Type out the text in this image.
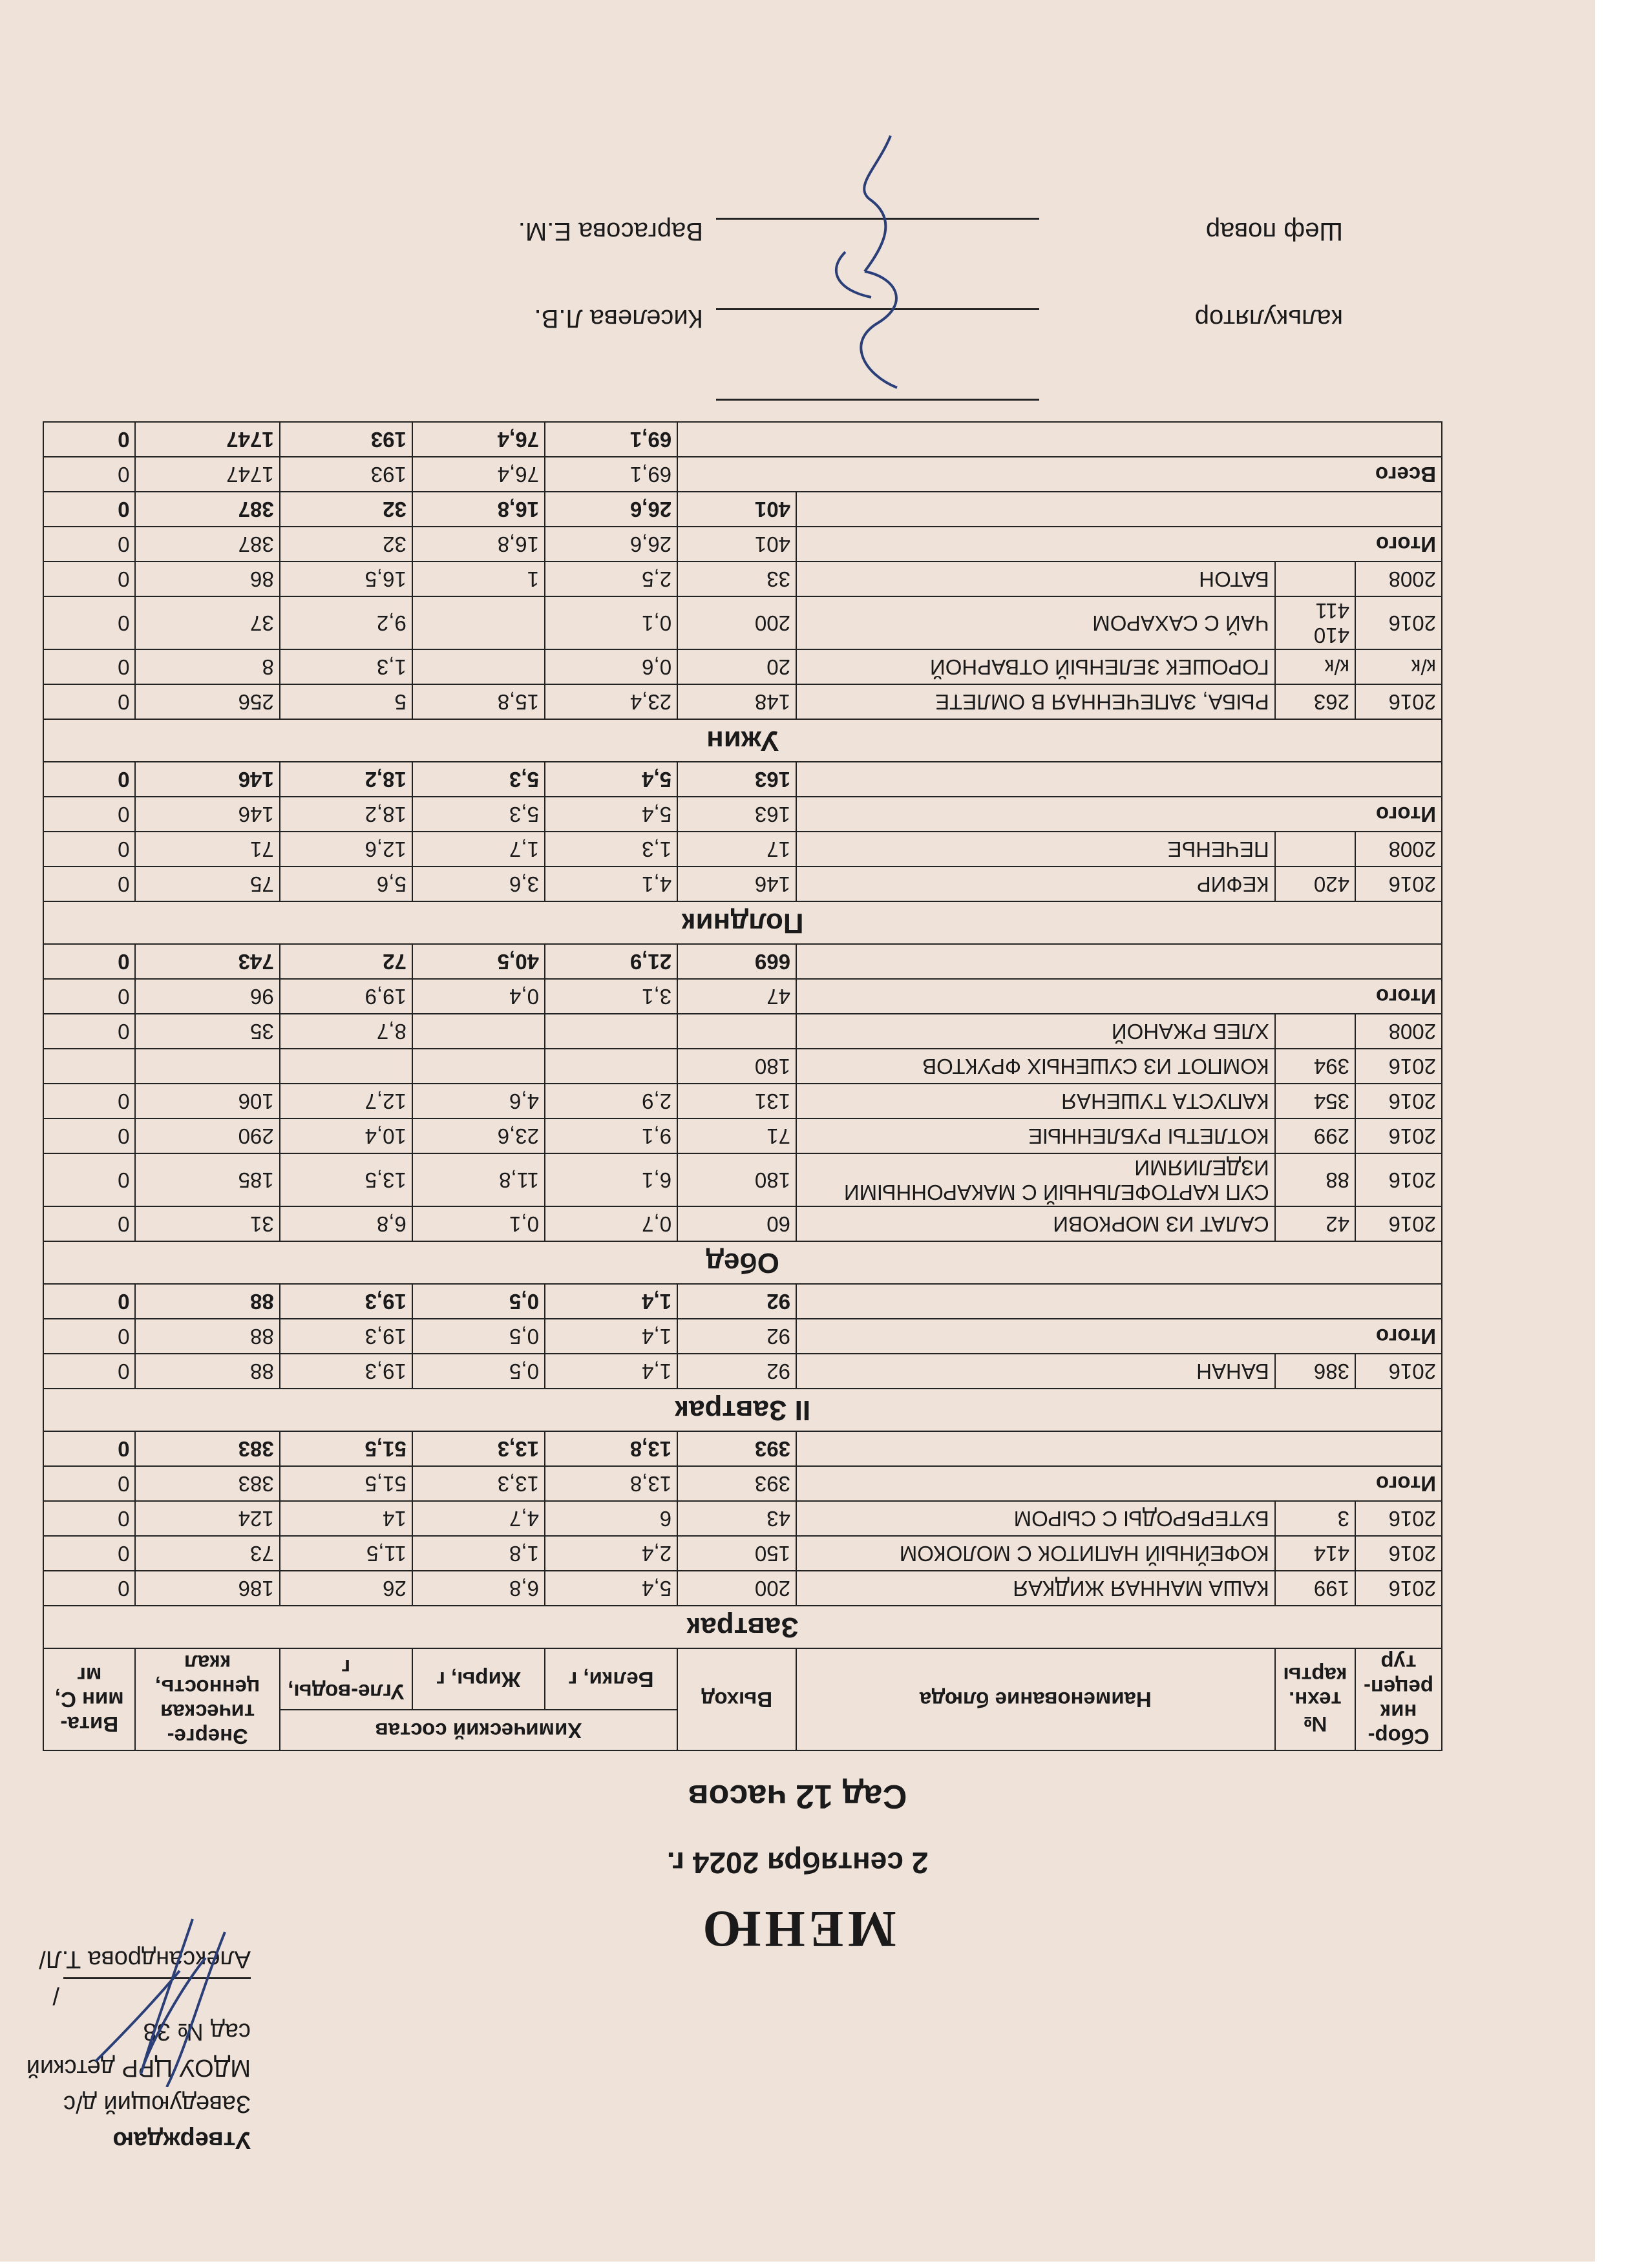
Утверждаю
Заведующий д/с
МДОУ ЦРР детский сад № 38
/Александрова Т.Л/
МЕНЮ
2 сентября 2024 г.
Сад 12 часов
Сбор-ник рецеп-тур	№ техн. карты	Наименование блюда	Выход	Химический состав			Энерге-тическая ценность, ккал	Вита-мин С, мг
				Белки, г	Жиры, г	Угле-воды, г		
Завтрак								
2016	199	КАША МАННАЯ ЖИДКАЯ	200	5,4	6,8	26	186	0
2016	414	КОФЕЙНЫЙ НАПИТОК С МОЛОКОМ	150	2,4	1,8	11,5	73	0
2016	3	БУТЕРБРОДЫ С СЫРОМ	43	6	4,7	14	124	0
Итого			393	13,8	13,3	51,5	383	0
			393	13,8	13,3	51,5	383	0
II Завтрак								
2016	386	БАНАН	92	1,4	0,5	19,3	88	0
Итого			92	1,4	0,5	19,3	88	0
			92	1,4	0,5	19,3	88	0
Обед								
2016	42	САЛАТ ИЗ МОРКОВИ	60	0,7	0,1	6,8	31	0
2016	88	СУП КАРТОФЕЛЬНЫЙ С МАКАРОННЫМИ ИЗДЕЛИЯМИ	180	6,1	11,8	13,5	185	0
2016	299	КОТЛЕТЫ РУБЛЕННЫЕ	71	9,1	23,6	10,4	290	0
2016	354	КАПУСТА ТУШЕНАЯ	131	2,9	4,6	12,7	106	0
2016	394	КОМПОТ ИЗ СУШЕНЫХ ФРУКТОВ	180					
2008		ХЛЕБ РЖАНОЙ				8,7	35	0
Итого			47	3,1	0,4	19,9	96	0
			669	21,9	40,5	72	743	0
Полдник								
2016	420	КЕФИР	146	4,1	3,6	5,6	75	0
2008		ПЕЧЕНЬЕ	17	1,3	1,7	12,6	71	0
Итого			163	5,4	5,3	18,2	146	0
			163	5,4	5,3	18,2	146	0
Ужин								
2016	263	РЫБА, ЗАПЕЧЕННАЯ В ОМЛЕТЕ	148	23,4	15,8	5	256	0
к/к	к/к	ГОРОШЕК ЗЕЛЕНЫЙ ОТВАРНОЙ	20	0,6		1,3	8	0
2016	410 411	ЧАЙ С САХАРОМ	200	0,1		9,2	37	0
2008		БАТОН	33	2,5	1	16,5	86	0
Итого			401	26,6	16,8	32	387	0
			401	26,6	16,8	32	387	0
Всего				69,1	76,4	193	1747	0
				69,1	76,4	193	1747	0
калькулятор
Киселева Л.В.
Шеф повар
Варгасова Е.М.
